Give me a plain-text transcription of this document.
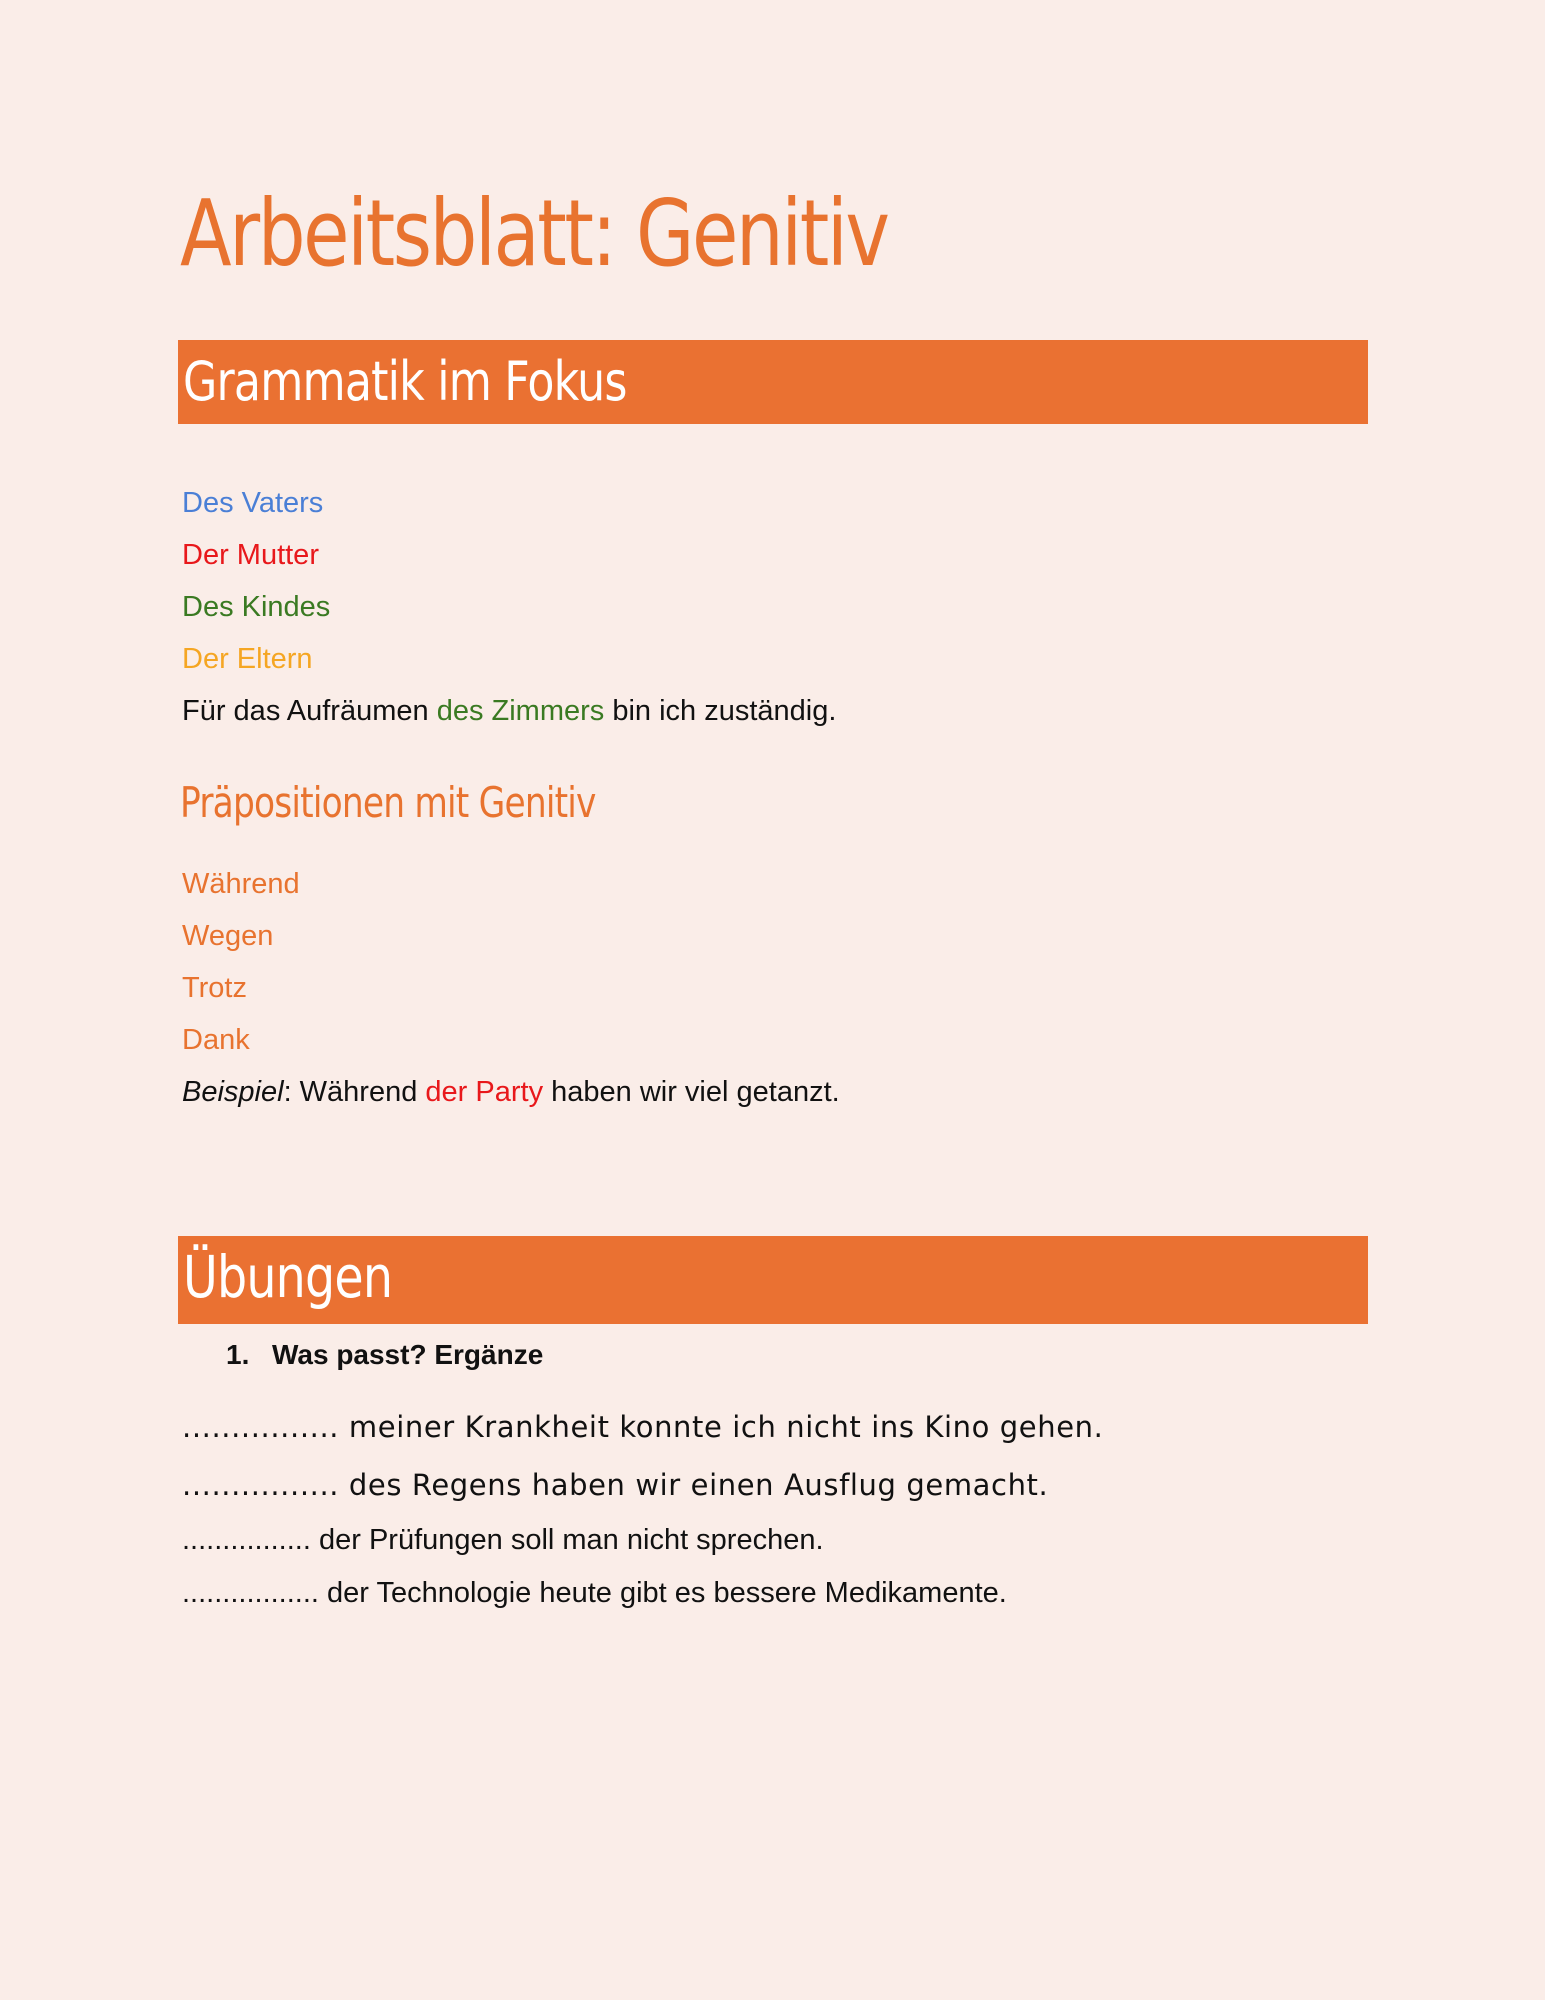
Arbeitsblatt: Genitiv
Grammatik im Fokus
Des Vaters
Der Mutter
Des Kindes
Der Eltern
Für das Aufräumen des Zimmers bin ich zuständig.
Präpositionen mit Genitiv
Während
Wegen
Trotz
Dank
Beispiel: Während der Party haben wir viel getanzt.
Übungen
1. Was passt? Ergänze
................ meiner Krankheit konnte ich nicht ins Kino gehen.
................ des Regens haben wir einen Ausflug gemacht.
................ der Prüfungen soll man nicht sprechen.
................. der Technologie heute gibt es bessere Medikamente.
